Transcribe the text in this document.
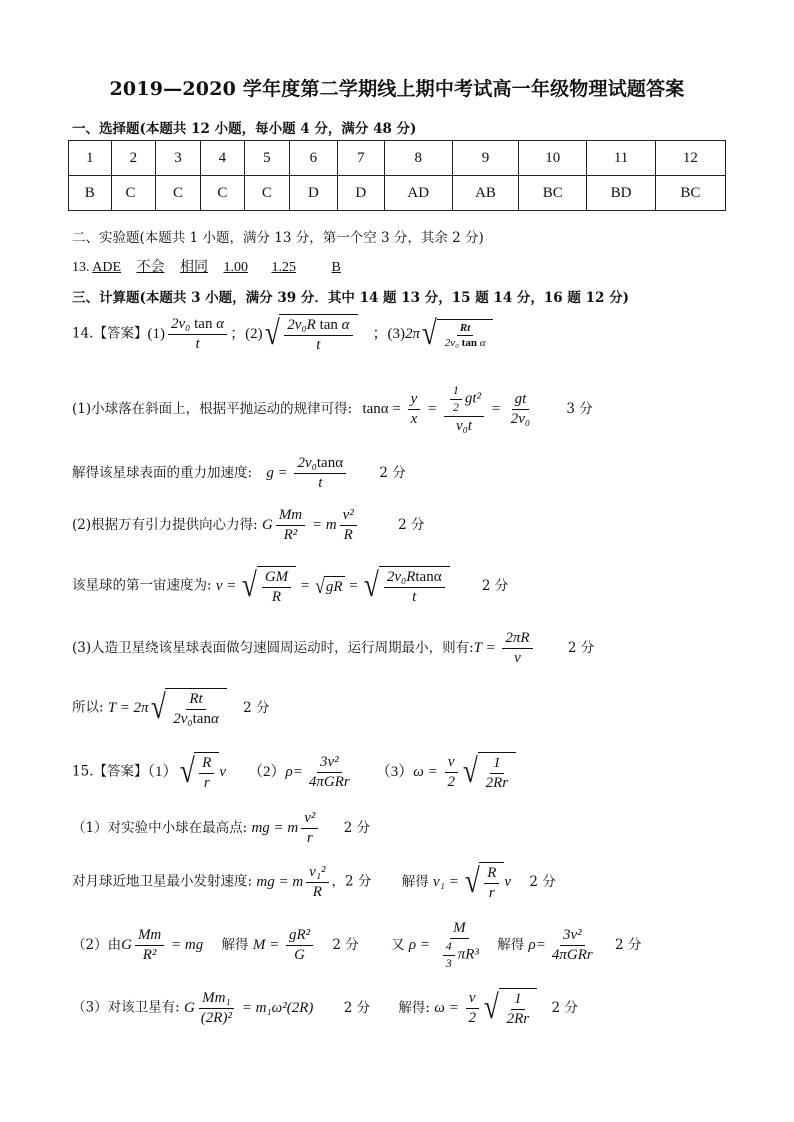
2019—2020 学年度第二学期线上期中考试高一年级物理试题答案
一、选择题(本题共 12 小题，每小题 4 分，满分 48 分)
1	2	3	4	5	6	7	8	9	10	11	12
B	C	C	C	C	D	D	AD	AB	BC	BD	BC
二、实验题(本题共 1 小题，满分 13 分，第一个空 3 分，其余 2 分)
13. ADE 不会 相同 1.00 1.25	B
三、计算题(本题共 3 小题，满分 39 分．其中 14 题 13 分，15 题 14 分，16 题 12 分)
14.【答案】$(1) \frac{\text{2v₀ tan α}}{t}$ ；(2) √ $\frac{\text{2v₀R tan α}}{t}$ 　；(3)2π √ $\frac{Rt}{\text{2v₀ tan α}}$
(1)小球落在斜面上，根据平抛运动的规律可得: $\tan\alpha = \frac{y}{x} = \frac{\frac{1}{2} gt^2}{\text{v₀t}} = \frac{gt}{\text{2v₀}} 3$ 分
解得该星球表面的重力加速度: $g = \frac{\text{2v₀tanα}}{t} 2$ 分
(2)根据万有引力提供向心力得: G $\frac{Mm}{\text{R²}} = m \frac{\text{v²}}{R}$	2 分
该星球的第一宙速度为: v = √ $\frac{GM}{R}$ = √ gR = √ $\frac{\text{2v₀Rtanα}}{t}$	2 分
(3)人造卫星绕该星球表面做匀速圆周运动时，运行周期最小，则有:T = $\frac{2\pi R}{v}$	2 分
所以: T = 2π √ $\frac{Rt}{\text{2v₀tanα}} 2$ 分
15.【答案】（1） √ $\frac{R}{r}$ v $(2)\rho= \frac{\text{3v²}}{\text{4πGRr}} (3)\omega = \frac{v}{2}$ √ $\frac{1}{2Rr}$
（1）对实验中小球在最高点: mg = m $\frac{\text{v²}}{r} 2$ 分
对月球近地卫星最小发射速度: mg = m $\frac{\text{v₁²}}{R}$ ，2 分 解得 v₁ = √ $\frac{R}{r}$ v 2 分
（2）由G $\frac{Mm}{\text{R²}}$ = mg 解得 $M = \frac{\text{gR²}}{G} 2$ 分 又 $\rho = \frac{M}{\frac{4}{3} \pi R^3}$ 解得 $\rho= \frac{\text{3v²}}{\text{4πGRr}} 2$ 分
（3）对该卫星有: G $\frac{\text{Mm₁}}{\text{(2R)²}} = m_1\omega^2(2R)$ 2 分 解得: $\omega = \frac{v}{2}$ √ $\frac{1}{2Rr} 2$ 分
